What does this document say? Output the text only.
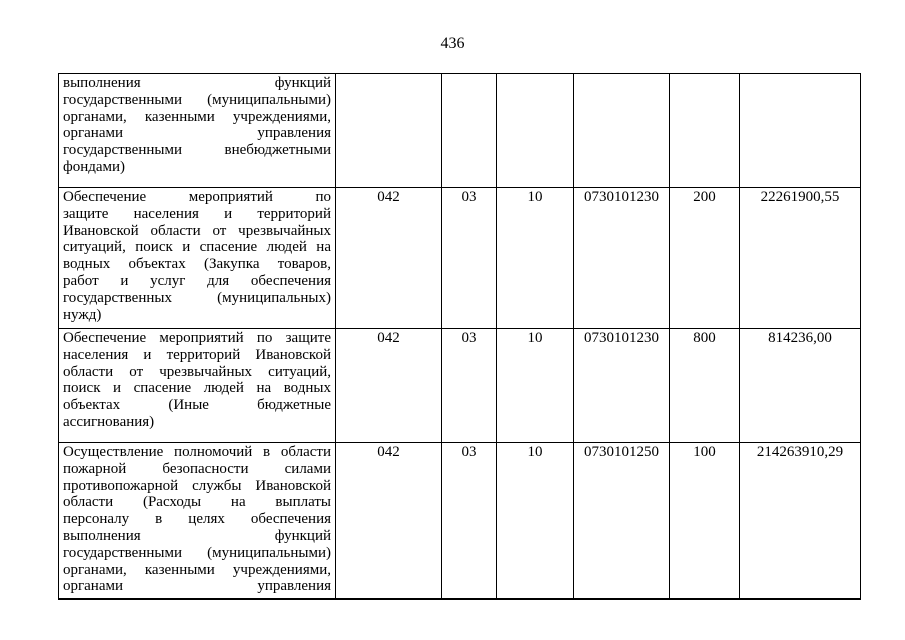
436
выполнения функций
государственными (муниципальными)
органами, казенными учреждениями,
органами управления
государственными внебюджетными
фондами)

Обеспечение мероприятий по
защите населения и территорий
Ивановской области от чрезвычайных
ситуаций, поиск и спасение людей на
водных объектах (Закупка товаров,
работ и услуг для обеспечения
государственных (муниципальных)
нужд)
	042	03	10	0730101230	200	22261900,55

Обеспечение мероприятий по защите
населения и территорий Ивановской
области от чрезвычайных ситуаций,
поиск и спасение людей на водных
объектах (Иные бюджетные
ассигнования)
	042	03	10	0730101230	800	814236,00

Осуществление полномочий в области
пожарной безопасности силами
противопожарной службы Ивановской
области (Расходы на выплаты
персоналу в целях обеспечения
выполнения функций
государственными (муниципальными)
органами, казенными учреждениями,
органами управления
	042	03	10	0730101250	100	214263910,29
